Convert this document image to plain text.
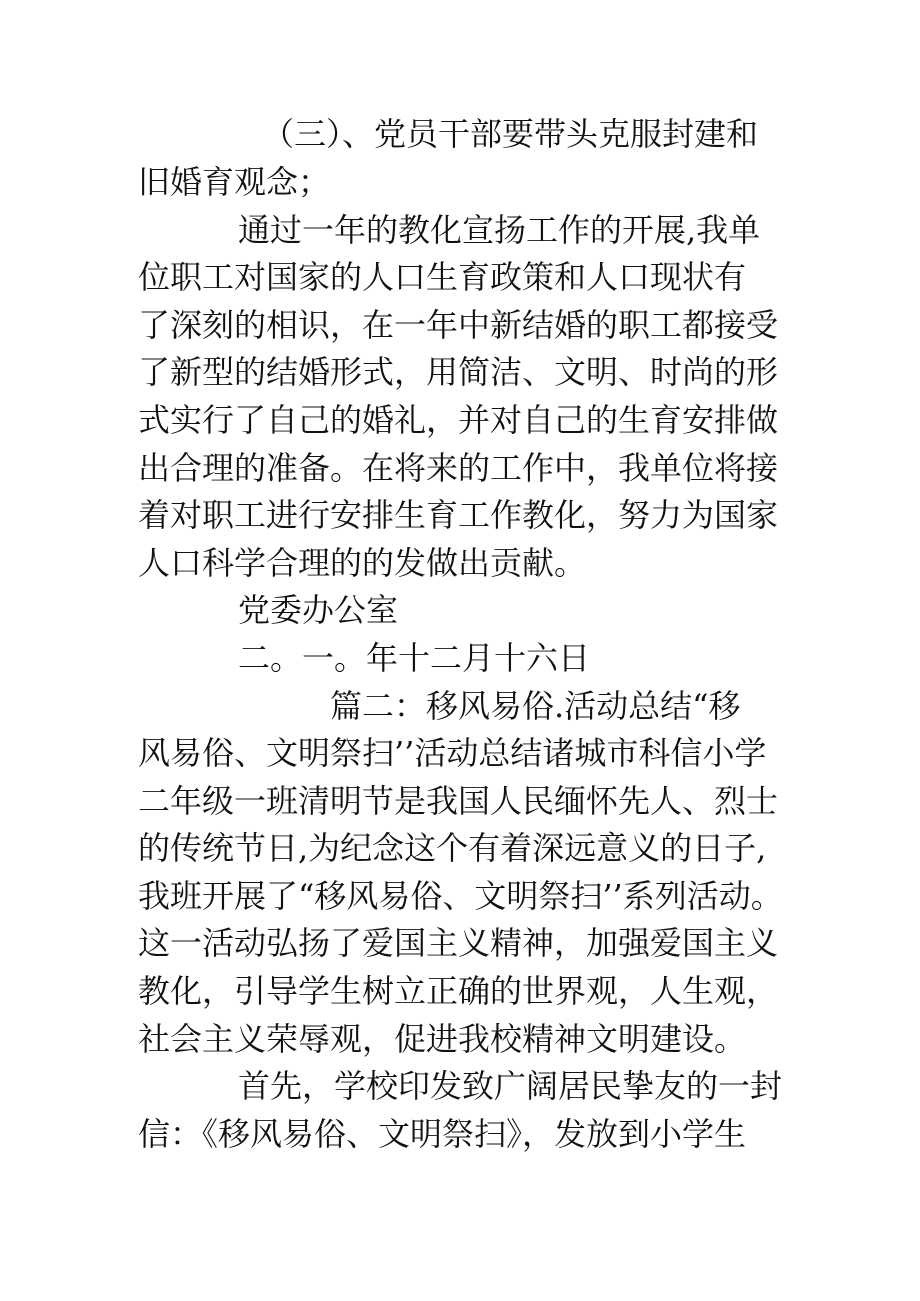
（三）、党员干部要带头克服封建和
旧婚育观念；
通过一年的教化宣扬工作的开展,我单
位职工对国家的人口生育政策和人口现状有
了深刻的相识，在一年中新结婚的职工都接受
了新型的结婚形式，用简洁、文明、时尚的形
式实行了自己的婚礼，并对自己的生育安排做
出合理的准备。在将来的工作中，我单位将接
着对职工进行安排生育工作教化，努力为国家
人口科学合理的的发做出贡献。
党委办公室
二。一。年十二月十六日
篇二：移风易俗.活动总结“移
风易俗、文明祭扫’’活动总结诸城市科信小学
二年级一班清明节是我国人民缅怀先人、烈士
的传统节日,为纪念这个有着深远意义的日子,
我班开展了“移风易俗、文明祭扫’’系列活动。
这一活动弘扬了爱国主义精神，加强爱国主义
教化，引导学生树立正确的世界观，人生观，
社会主义荣辱观，促进我校精神文明建设。
首先，学校印发致广阔居民挚友的一封
信：《移风易俗、文明祭扫》，发放到小学生
